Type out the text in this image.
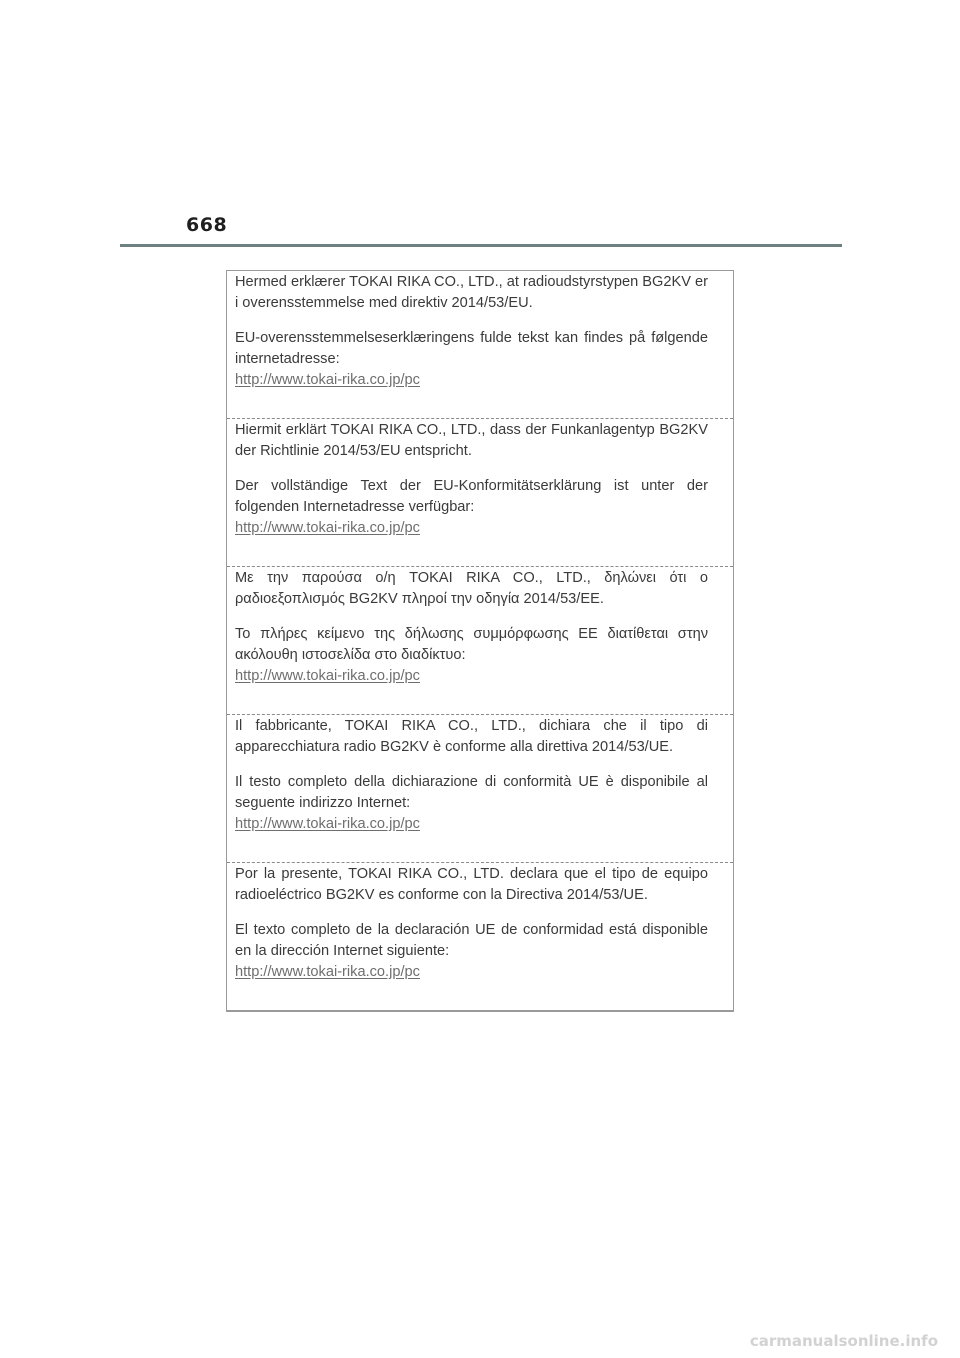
668

Hermed erklærer TOKAI RIKA CO., LTD., at radioudstyrstypen BG2KV er i overensstemmelse med direktiv 2014/53/EU.

EU-overensstemmelseserklæringens fulde tekst kan findes på følgende internetadresse:

http://www.tokai-rika.co.jp/pc

Hiermit erklärt TOKAI RIKA CO., LTD., dass der Funkanlagentyp BG2KV der Richtlinie 2014/53/EU entspricht.

Der vollständige Text der EU-Konformitätserklärung ist unter der folgenden Internetadresse verfügbar:

http://www.tokai-rika.co.jp/pc

Με την παρούσα ο/η TOKAI RIKA CO., LTD., δηλώνει ότι ο ραδιοεξοπλισμός BG2KV πληροί την οδηγία 2014/53/ΕΕ.

Το πλήρες κείμενο της δήλωσης συμμόρφωσης ΕΕ διατίθεται στην ακόλουθη ιστοσελίδα στο διαδίκτυο:

http://www.tokai-rika.co.jp/pc

Il fabbricante, TOKAI RIKA CO., LTD., dichiara che il tipo di apparecchiatura radio BG2KV è conforme alla direttiva 2014/53/UE.

Il testo completo della dichiarazione di conformità UE è disponibile al seguente indirizzo Internet:

http://www.tokai-rika.co.jp/pc

Por la presente, TOKAI RIKA CO., LTD. declara que el tipo de equipo radioeléctrico BG2KV es conforme con la Directiva 2014/53/UE.

El texto completo de la declaración UE de conformidad está disponible en la dirección Internet siguiente:

http://www.tokai-rika.co.jp/pc
carmanualsonline.info
